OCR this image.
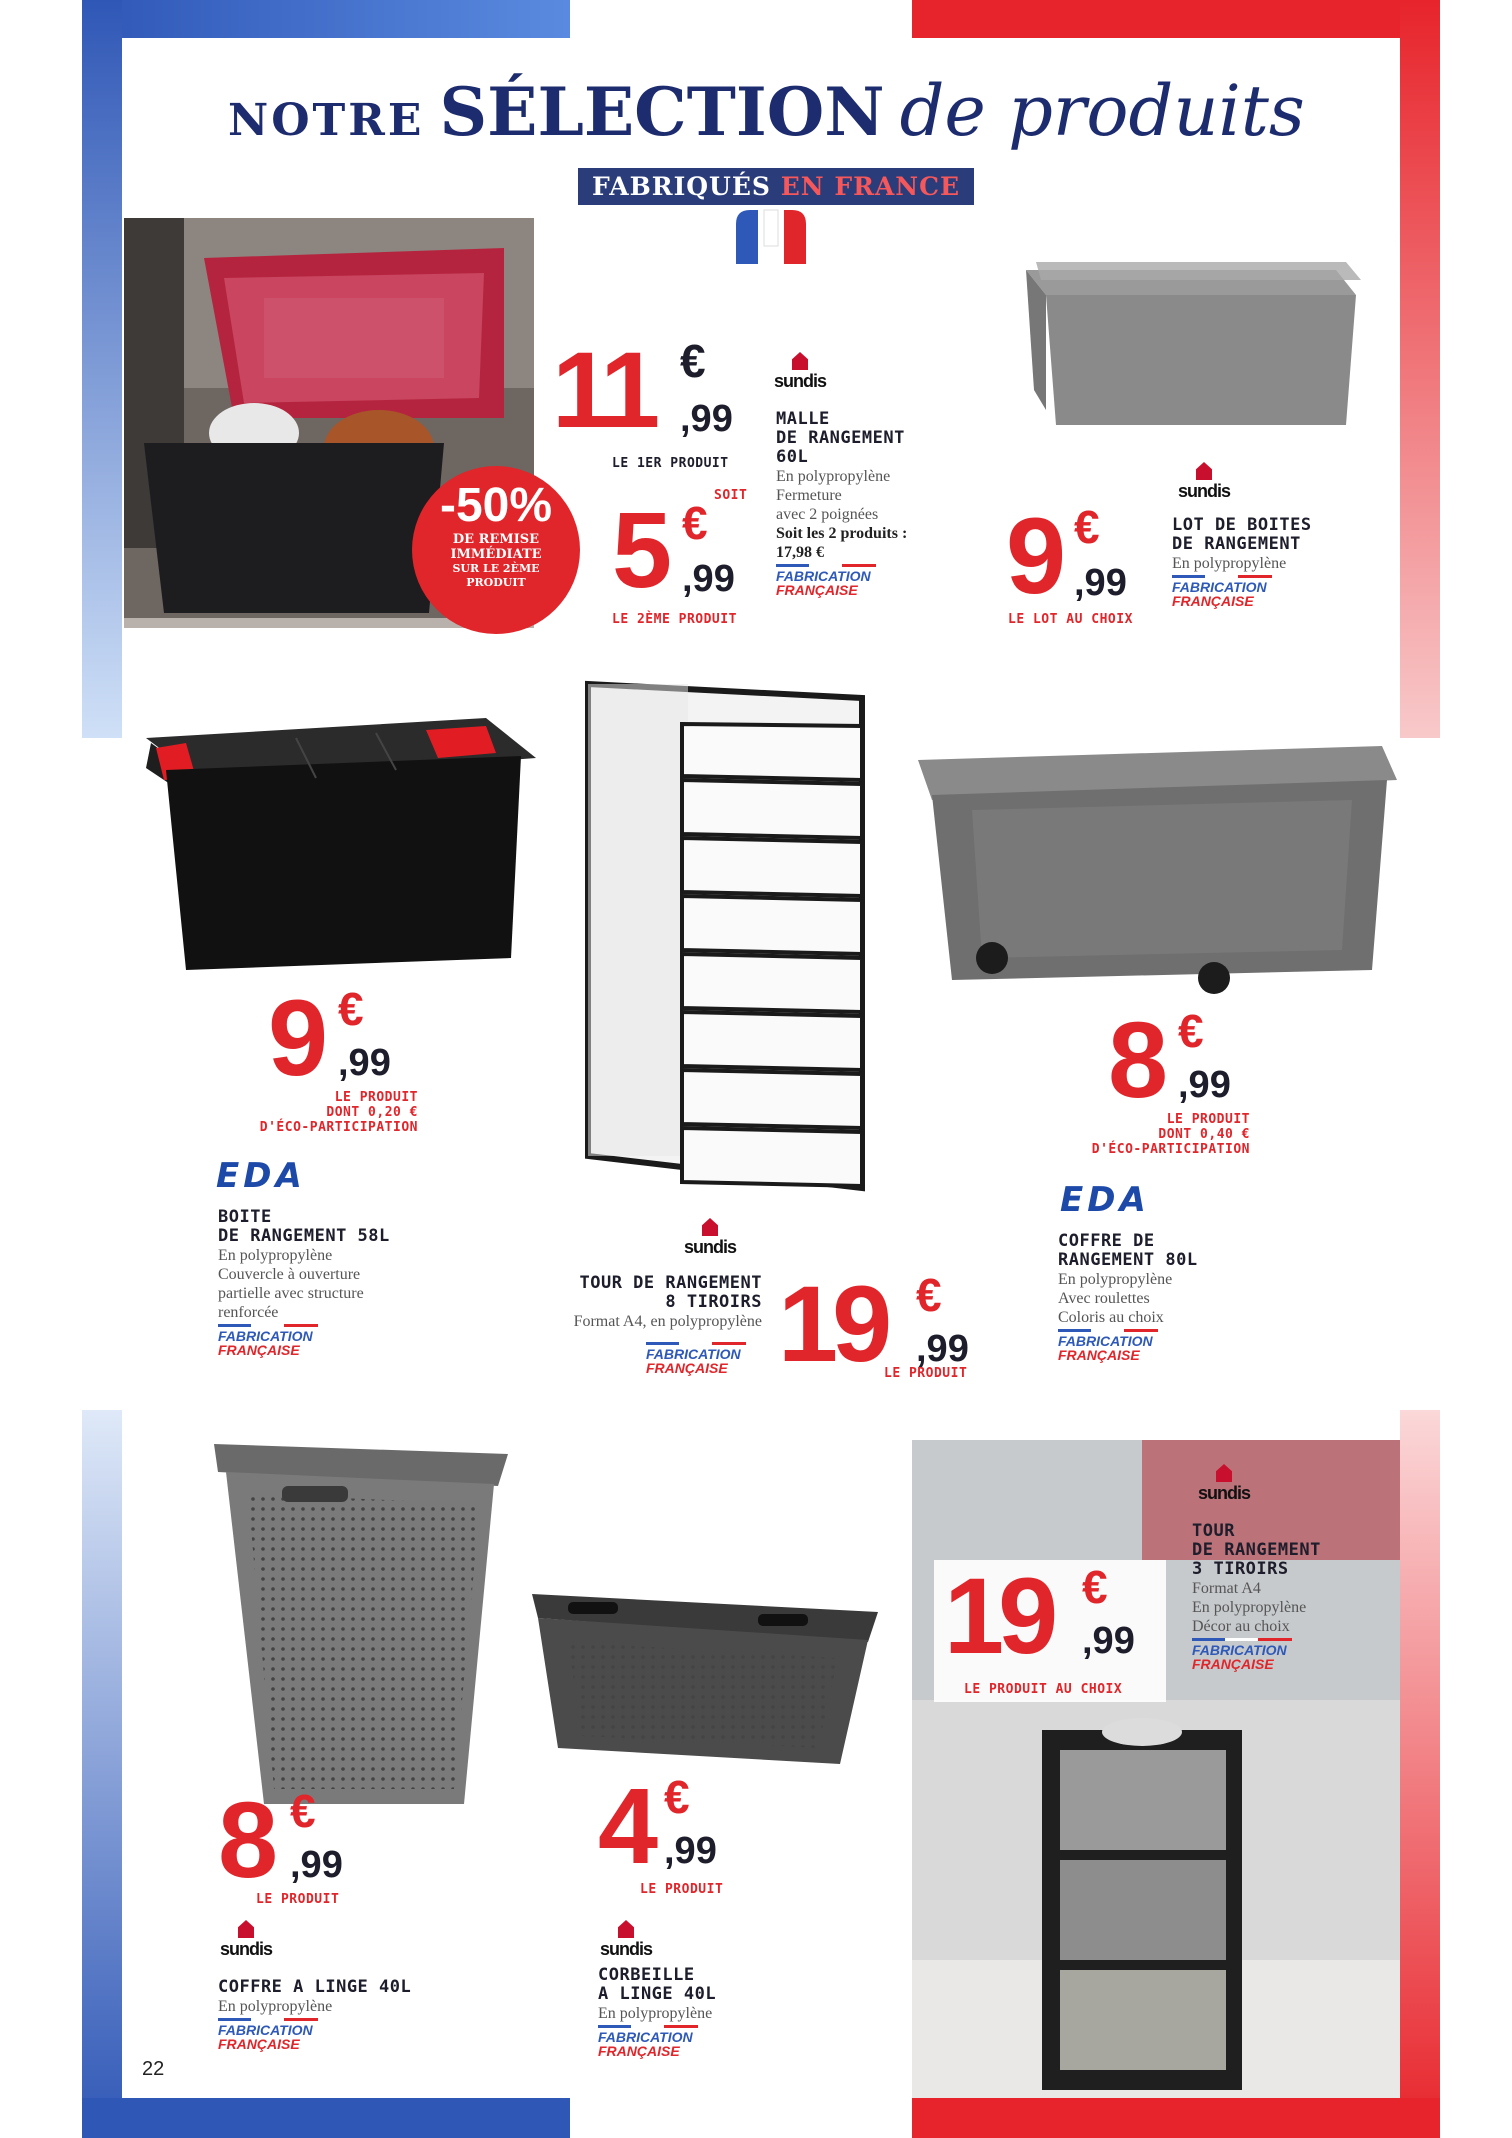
NOTRE SÉLECTION de produits
FABRIQUÉS EN FRANCE
-50%
DE REMISE
IMMÉDIATE
SUR LE 2ÈME
PRODUIT
11 €
,99
LE 1ER PRODUIT
SOIT
5 €
,99
LE 2ÈME PRODUIT
sundis
MALLE
DE RANGEMENT
60L
En polypropylène
Fermeture
avec 2 poignées
Soit les 2 produits :
17,98 €
FABRICATION
FRANÇAISE	9 €
,99
LE LOT AU CHOIX
sundis
LOT DE BOITES
DE RANGEMENT
En polypropylène
FABRICATION
FRANÇAISE
9 €
,99
LE PRODUIT
DONT 0,20 €
D'ÉCO-PARTICIPATION
EDA
BOITE
DE RANGEMENT 58L
En polypropylène
Couvercle à ouverture
partielle avec structure
renforcée
FABRICATION
FRANÇAISE
sundis
TOUR DE RANGEMENT
8 TIROIRS
Format A4, en polypropylène
FABRICATION
FRANÇAISE 19 €
,99
LE PRODUIT
8 €
,99
LE PRODUIT
DONT 0,40 €
D'ÉCO-PARTICIPATION
EDA
COFFRE DE
RANGEMENT 80L
En polypropylène
Avec roulettes
Coloris au choix
FABRICATION
FRANÇAISE
sundis
TOUR
DE RANGEMENT
3 TIROIRS
Format A4
En polypropylène
Décor au choix
FABRICATION
FRANÇAISE
19 €
,99
LE PRODUIT AU CHOIX
8 €
,99
LE PRODUIT
sundis
COFFRE A LINGE 40L
En polypropylène
FABRICATION
FRANÇAISE
4 €
,99
LE PRODUIT
sundis
CORBEILLE
A LINGE 40L
En polypropylène
FABRICATION
FRANÇAISE
22
